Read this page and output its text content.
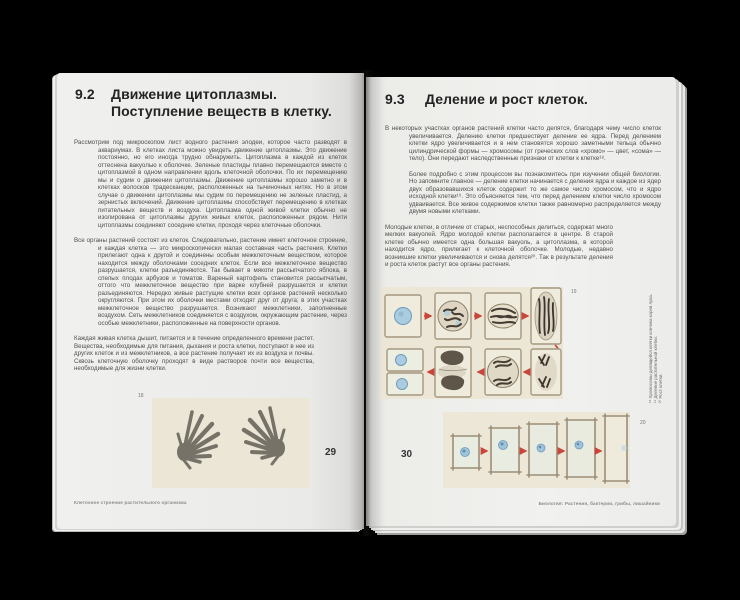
9.2	Движение цитоплазмы.
Поступление веществ в клетку.

Рассмотрим под микроскопом лист водного растения элодеи, которое часто разводят в аквариумах. В клетках листа можно увидеть движение цитоплазмы. Это движение постоянно, но его иногда трудно обнаружить. Цитоплазма в каждой из клеток оттеснена вакуолью к оболочке. Зеленые пластиды плавно перемещаются вместе с цитоплазмой в одном направлении вдоль клеточной оболочки. По их перемещению мы и судим о движении цитоплазмы. Движение цитоплазмы хорошо заметно и в клетках волосков традесканции, расположенных на тычиночных нитях. Но в этом случае о движении цитоплазмы мы судим по перемещению не зеленых пластид, а зернистых включений. Движение цитоплазмы способствует перемещению в клетках питательных веществ и воздуха. Цитоплазма одной живой клетки обычно не изолирована от цитоплазмы других живых клеток, расположенных рядом. Нити цитоплазмы соединяют соседние клетки, проходя через клеточные оболочки.

Все органы растений состоят из клеток. Следовательно, растение имеет клеточное строение, и каждая клетка — это микроскопически малая составная часть растения. Клетки прилегают одна к другой и соединены особым межклеточным веществом, которое находится между оболочками соседних клеток. Если все межклеточное вещество разрушается, клетки разъединяются. Так бывает в мякоти рассыпчатого яблока, в спелых плодах арбузов и томатов. Вареный картофель становится рассыпчатым, оттого что межклеточное вещество при варке клубней разрушается и клетки разъединяются. Нередко живые растущие клетки всех органов растений несколько округляются. При этом их оболочки местами отходят друг от друга; в этих участках межклеточное вещество разрушается. Возникают межклетники, заполненные воздухом. Сеть межклетников соединяется с воздухом, окружающим растение, через особые межклетники, расположенные на поверхности органов.

Каждая живая клетка дышит, питается и в течение определенного времени растет. Вещества, необходимые для питания, дыхания и роста клетки, поступают в нее из других клеток и из межклетников, а все растение получает их из воздуха и почвы. Сквозь клеточную оболочку проходят в виде растворов почти все вещества, необходимые для жизни клетки.

18
29
Клеточное строение растительного организма
9.3	Деление и рост клеток.

В некоторых участках органов растений клетки часто делятся, благодаря чему число клеток увеличивается. Делению клетки предшествует деление ее ядра. Перед делением клетки ядро увеличивается и в нем становятся хорошо заметными тельца обычно цилиндрической формы — хромосомы (от греческих слов «хромо» — цвет, «сома» — тело). Они передают наследственные признаки от клетки к клетке¹⁸.

Более подробно с этим процессом вы познакомитесь при изучении общей биологии. Но запомните главное — деление клетки начинается с деления ядра и каждое из ядер двух образовавшихся клеток содержит то же самое число хромосом, что и ядро исходной клетки¹⁹. Это объясняется тем, что перед делением клетки число хромосом удваивается. Все живое содержимое клетки также равномерно распределяется между двумя новыми клетками.

Молодые клетки, в отличие от старых, неспособных делиться, содержат много мелких вакуолей. Ядро молодой клетки располагается в центре. В старой клетке обычно имеется одна большая вакуоль, а цитоплазма, в которой находится ядро, прилегает к клеточной оболочке. Молодые, недавно возникшие клетки увеличиваются и снова делятся²⁰. Так в результате деления и роста клеток растут все органы растения.

19
¹⁸ Хромосомы делящейся клетки кончика корня лука. ¹⁹ Деление растительной клетки. ²⁰ Рост клетки.
20
30
Биология: Растения, бактерии, грибы, лишайники
